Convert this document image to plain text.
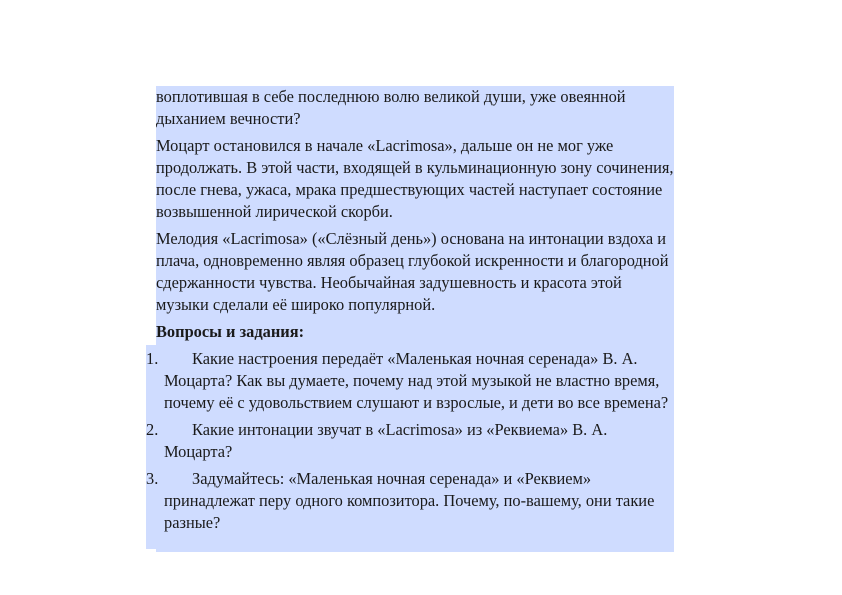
воплотившая в себе последнюю волю великой души, уже овеянной дыханием вечности?

Моцарт остановился в начале «Lacrimosa», дальше он не мог уже продолжать. В этой части, входящей в кульминационную зону сочинения, после гнева, ужаса, мрака предшествующих частей наступает состояние возвышенной лирической скорби.

Мелодия «Lacrimosa» («Слёзный день») основана на интонации вздоха и плача, одновременно являя образец глубокой искренности и благородной сдержанности чувства. Необычайная задушевность и красота этой музыки сделали её широко популярной.

Вопросы и задания:

1.	Какие настроения передаёт «Маленькая ночная серенада» В. А. Моцарта? Как вы думаете, почему над этой музыкой не властно время, почему её с удовольствием слушают и взрослые, и дети во все времена?
2.	Какие интонации звучат в «Lacrimosa» из «Реквиема» В. А. Моцарта?
3.	Задумайтесь: «Маленькая ночная серенада» и «Реквием» принадлежат перу одного композитора. Почему, по-вашему, они такие разные?
